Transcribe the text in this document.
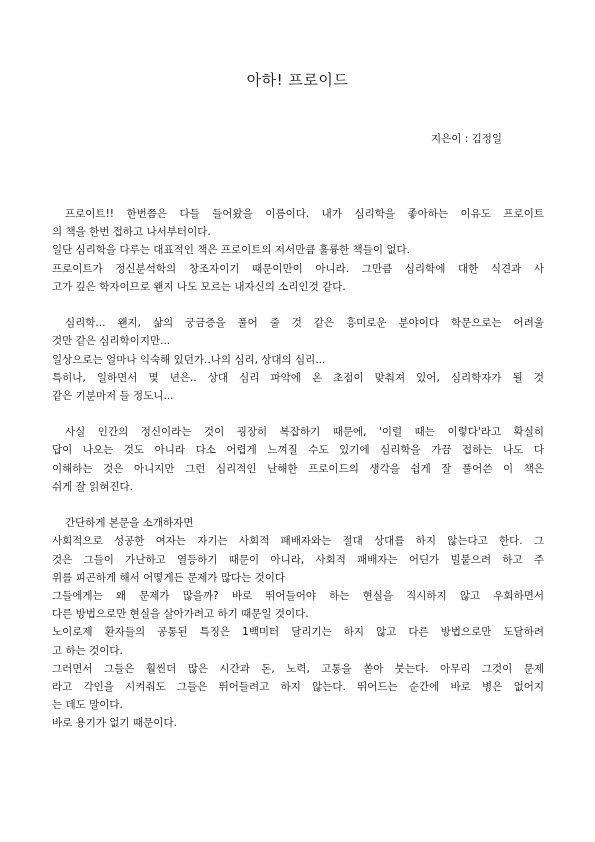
아하! 프로이드
지은이 : 김정일

프로이트!! 한번쯤은 다들 들어왔을 이름이다. 내가 심리학을 좋아하는 이유도 프로이트
의 책을 한번 접하고 나서부터이다.
일단 심리학을 다루는 대표적인 책은 프로이트의 저서만큼 훌륭한 책들이 없다.
프로이트가 정신분석학의 창조자이기 때문이만이 아니라. 그만큼 심리학에 대한 식견과 사
고가 깊은 학자이므로 왠지 나도 모르는 내자신의 소리인것 같다.

심리학... 왠지, 삶의 궁금증을 풀어 줄 것 같은 흥미로운 분야이다 학문으로는 어려울
것만 같은 심리학이지만...
일상으로는 얼마나 익숙해 있던가..나의 심리, 상대의 심리...
특히나, 일하면서 몇 년은.. 상대 심리 파악에 온 초점이 맞춰져 있어, 심리학자가 될 것
같은 기분마저 들 정도니...

사실 인간의 정신이라는 것이 굉장히 복잡하기 때문에, '이럴 때는 이렇다'라고 확실히
답이 나오는 것도 아니라 다소 어렵게 느껴질 수도 있기에 심리학을 가끔 접하는 나도 다
이해하는 것은 아니지만 그런 심리적인 난해한 프로이드의 생각을 쉽게 잘 풀어쓴 이 책은
쉬게 잘 읽혀진다.

간단하게 본문을 소개하자면
사회적으로 성공한 여자는 자기는 사회적 패배자와는 절대 상대를 하지 않는다고 한다. 그
것은 그들이 가난하고 열등하기 때문이 아니라, 사회적 패배자는 어딘가 빌붙으려 하고 주
위를 피곤하게 해서 어떻게든 문제가 많다는 것이다
그들에게는 왜 문제가 많을까? 바로 뛰어들어야 하는 현실을 직시하지 않고 우회하면서
다른 방법으로만 현실을 살아가려고 하기 때문일 것이다.
노이로제 환자들의 공통된 특징은 1백미터 달리기는 하지 않고 다른 방법으로만 도달하려
고 하는 것이다.
그러면서 그들은 훨씬더 많은 시간과 돈, 노력, 고통을 쏟아 붓는다. 아무리 그것이 문제
라고 각인을 시켜줘도 그들은 뛰어들려고 하지 않는다. 뛰어드는 순간에 바로 병은 없어지
는 데도 말이다.
바로 용기가 없기 때문이다.
